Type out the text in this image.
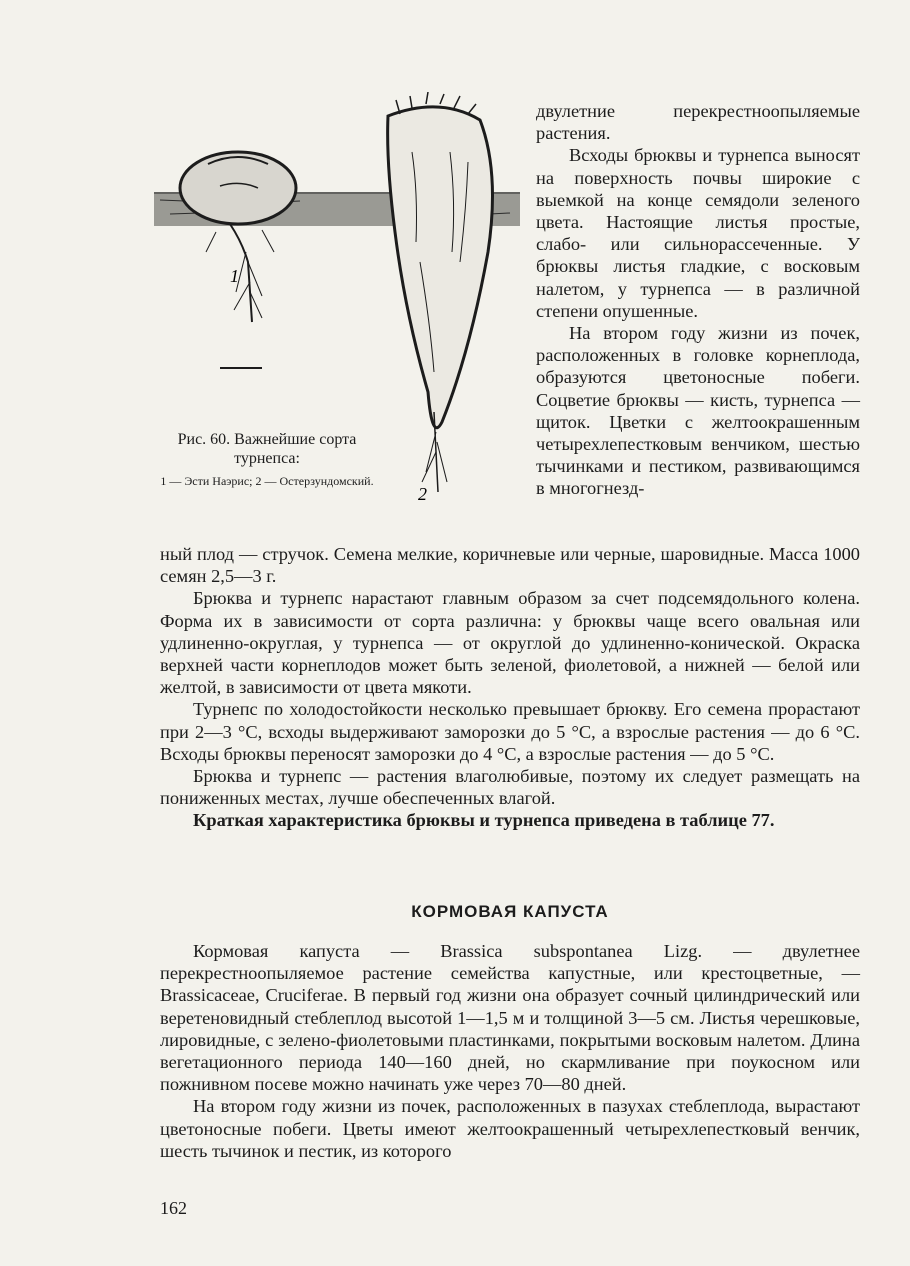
1
2
Рис. 60. Важнейшие сорта турнепса:
1 — Эсти Наэрис; 2 — Остерзундомский.

двулетние перекрестноопыляемые растения.

Всходы брюквы и турнепса выносят на поверхность почвы широкие с выемкой на конце семядоли зеленого цвета. Настоящие листья простые, слабо- или сильнорассеченные. У брюквы листья гладкие, с восковым налетом, у турнепса — в различной степени опушенные.

На втором году жизни из почек, расположенных в головке корнеплода, образуются цветоносные побеги. Соцветие брюквы — кисть, турнепса — щиток. Цветки с желтоокрашенным четырехлепестковым венчиком, шестью тычинками и пестиком, развивающимся в многогнезд-

ный плод — стручок. Семена мелкие, коричневые или черные, шаровидные. Масса 1000 семян 2,5—3 г.

Брюква и турнепс нарастают главным образом за счет подсемядольного колена. Форма их в зависимости от сорта различна: у брюквы чаще всего овальная или удлиненно-округлая, у турнепса — от округлой до удлиненно-конической. Окраска верхней части корнеплодов может быть зеленой, фиолетовой, а нижней — белой или желтой, в зависимости от цвета мякоти.

Турнепс по холодостойкости несколько превышает брюкву. Его семена прорастают при 2—3 °С, всходы выдерживают заморозки до 5 °С, а взрослые растения — до 6 °С. Всходы брюквы переносят заморозки до 4 °С, а взрослые растения — до 5 °С.

Брюква и турнепс — растения влаголюбивые, поэтому их следует размещать на пониженных местах, лучше обеспеченных влагой.

Краткая характеристика брюквы и турнепса приведена в таблице 77.

КОРМОВАЯ КАПУСТА

Кормовая капуста — Brassica subspontanea Lizg. — двулетнее перекрестноопыляемое растение семейства капустные, или крестоцветные, — Brassicaceae, Cruciferae. В первый год жизни она образует сочный цилиндрический или веретеновидный стеблеплод высотой 1—1,5 м и толщиной 3—5 см. Листья черешковые, лировидные, с зелено-фиолетовыми пластинками, покрытыми восковым налетом. Длина вегетационного периода 140—160 дней, но скармливание при поукосном или пожнивном посеве можно начинать уже через 70—80 дней.

На втором году жизни из почек, расположенных в пазухах стеблеплода, вырастают цветоносные побеги. Цветы имеют желтоокрашенный четырехлепестковый венчик, шесть тычинок и пестик, из которого

162
